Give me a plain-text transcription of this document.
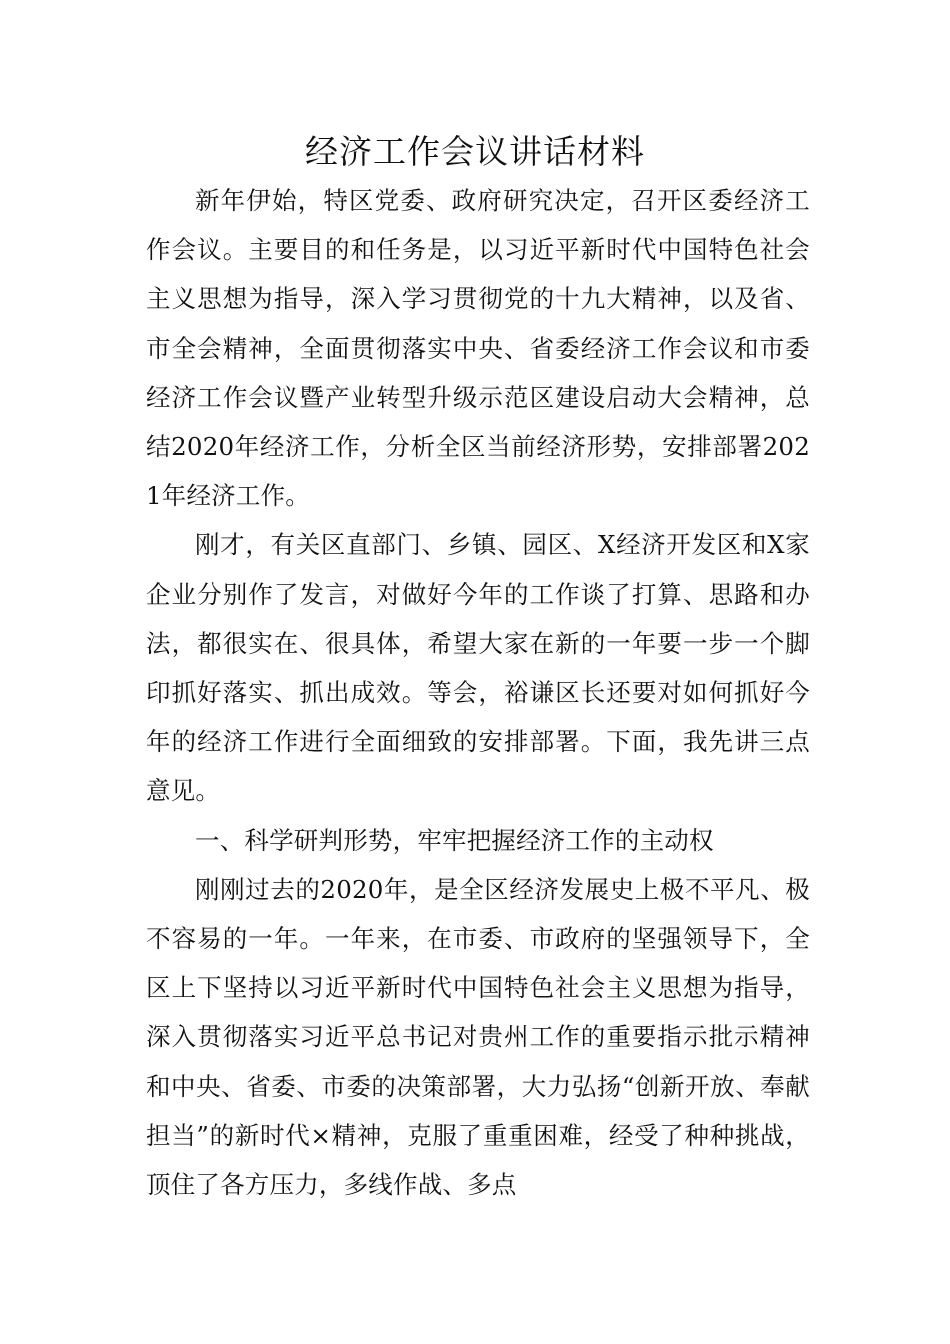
经济工作会议讲话材料

新年伊始，特区党委、政府研究决定，召开区委经济工作会议。主要目的和任务是，以习近平新时代中国特色社会主义思想为指导，深入学习贯彻党的十九大精神，以及省、市全会精神，全面贯彻落实中央、省委经济工作会议和市委经济工作会议暨产业转型升级示范区建设启动大会精神，总结2020年经济工作，分析全区当前经济形势，安排部署2021年经济工作。

刚才，有关区直部门、乡镇、园区、X经济开发区和X家企业分别作了发言，对做好今年的工作谈了打算、思路和办法，都很实在、很具体，希望大家在新的一年要一步一个脚印抓好落实、抓出成效。等会，裕谦区长还要对如何抓好今年的经济工作进行全面细致的安排部署。下面，我先讲三点意见。

一、科学研判形势，牢牢把握经济工作的主动权

刚刚过去的2020年，是全区经济发展史上极不平凡、极不容易的一年。一年来，在市委、市政府的坚强领导下，全区上下坚持以习近平新时代中国特色社会主义思想为指导，深入贯彻落实习近平总书记对贵州工作的重要指示批示精神和中央、省委、市委的决策部署，大力弘扬“创新开放、奉献担当”的新时代×精神，克服了重重困难，经受了种种挑战，顶住了各方压力，多线作战、多点
